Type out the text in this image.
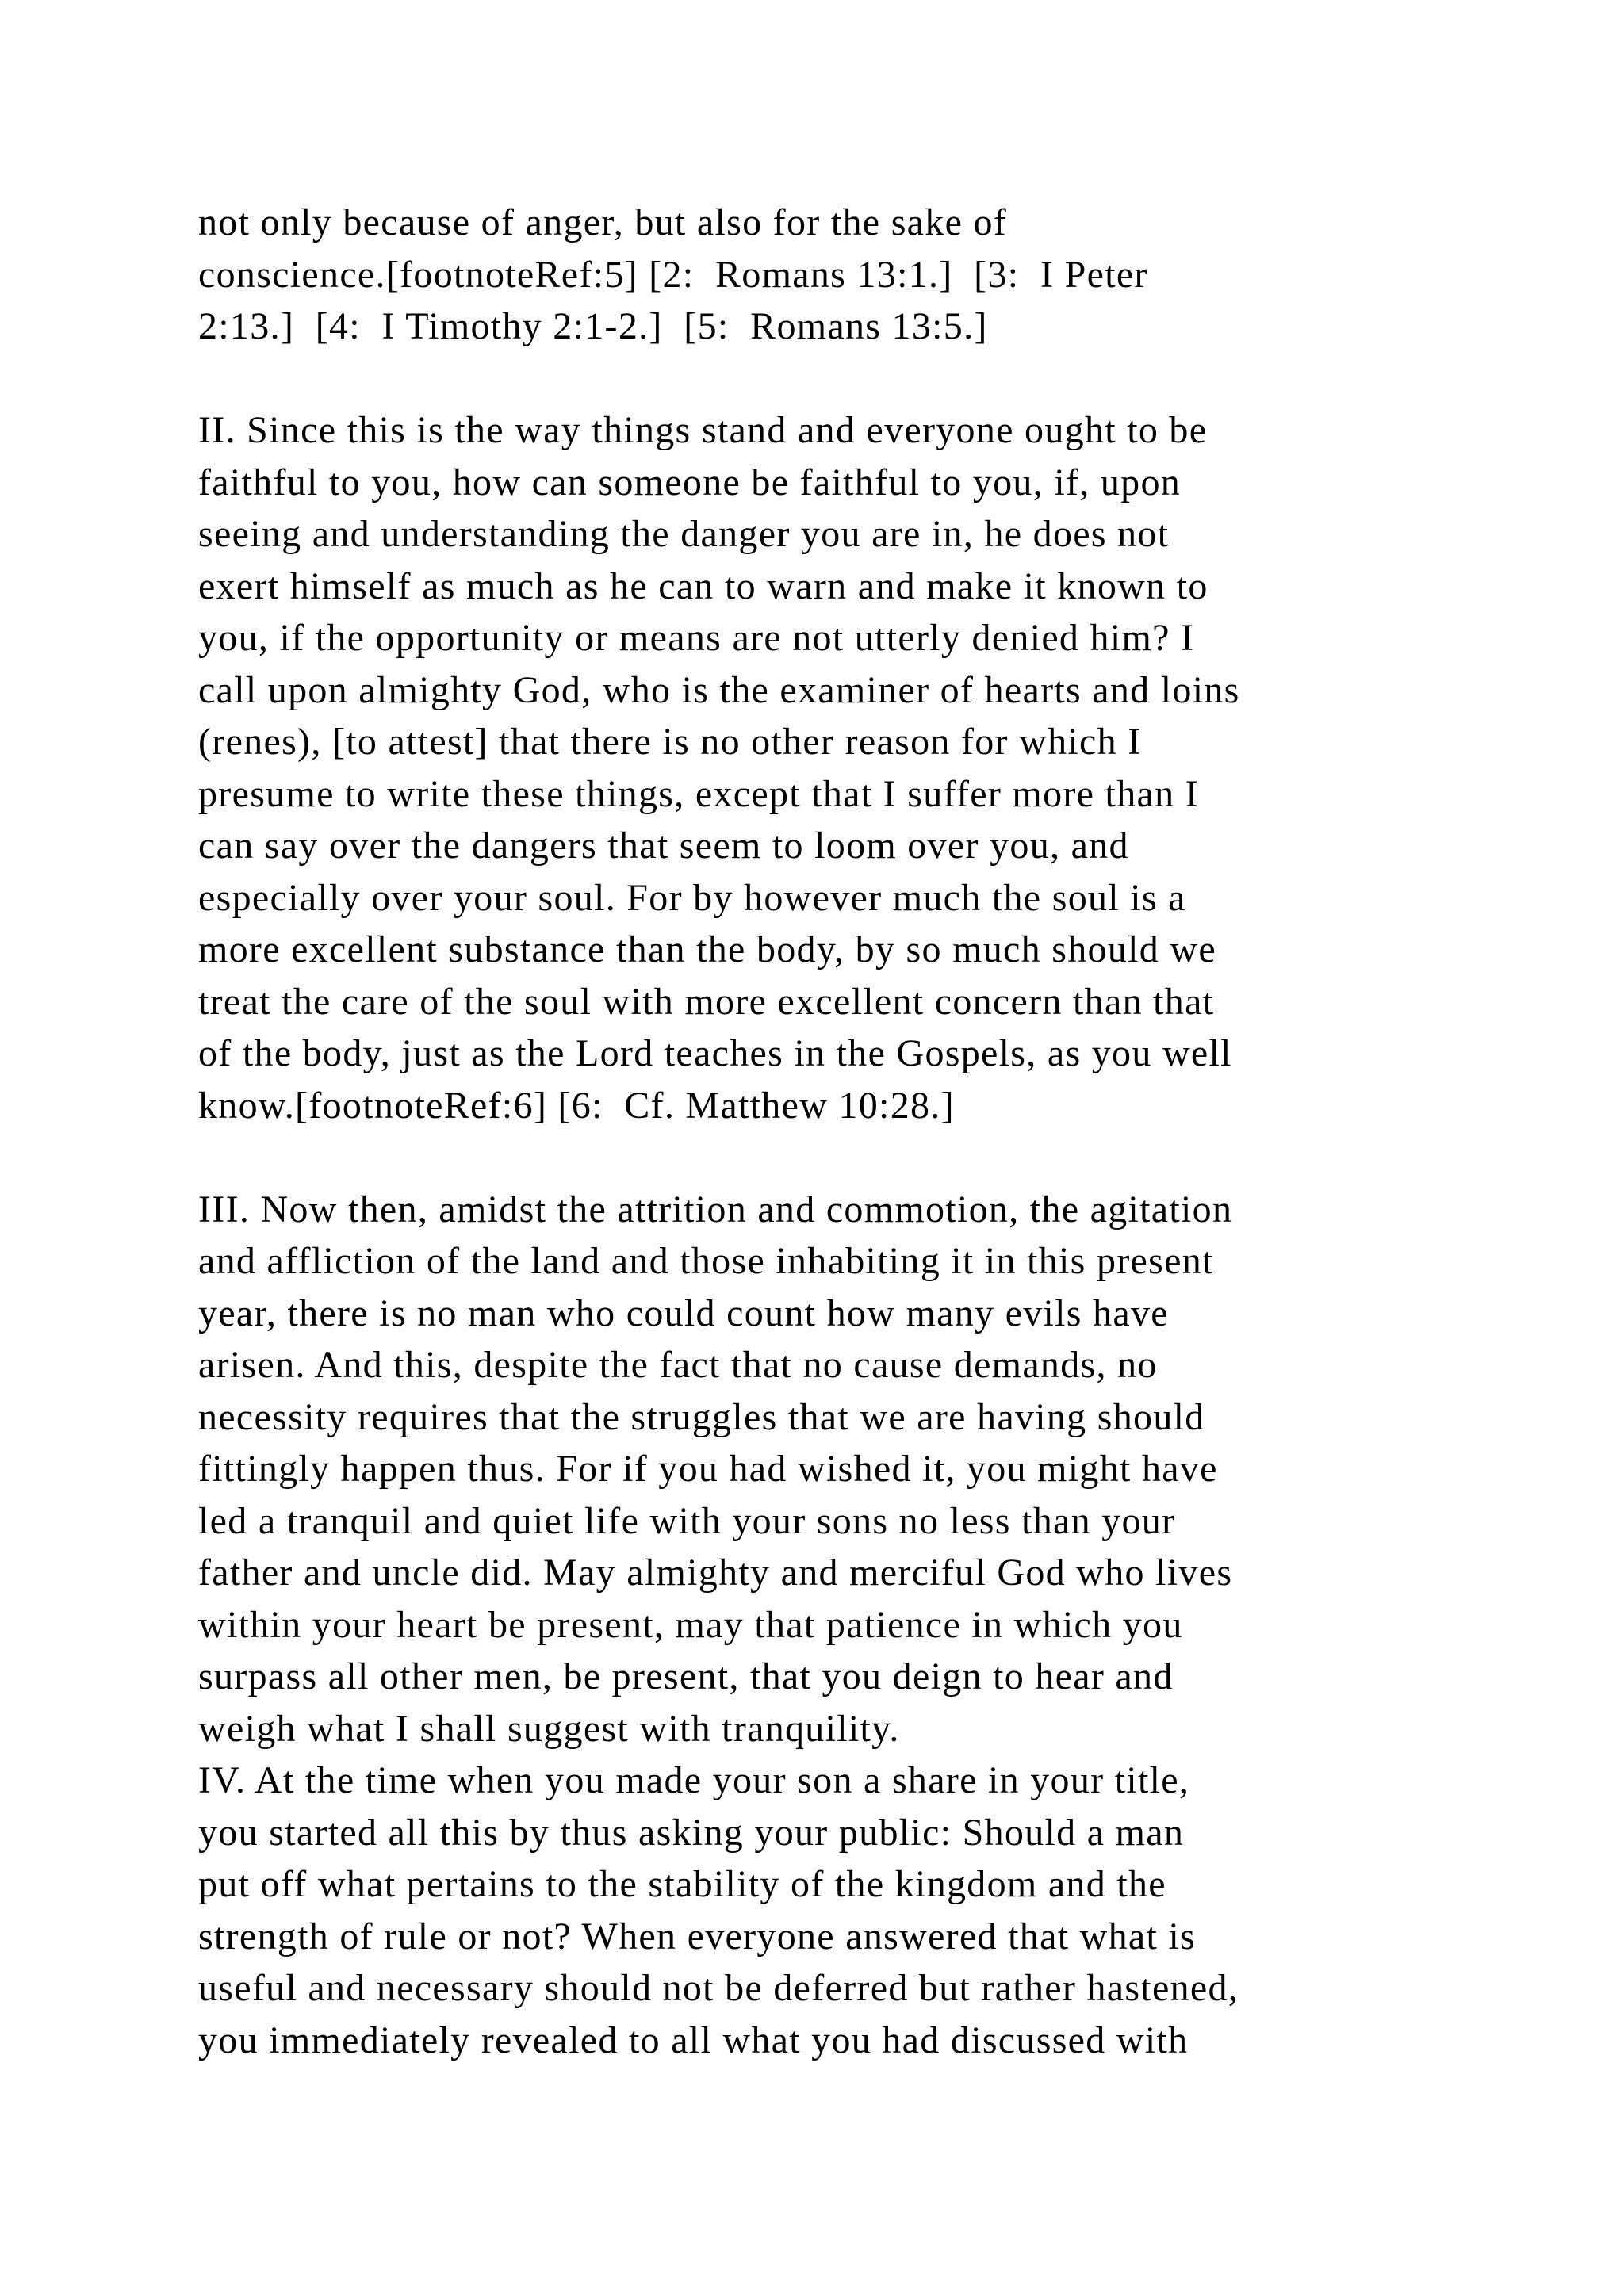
not only because of anger, but also for the sake of
conscience.[footnoteRef:5] [2:  Romans 13:1.]  [3:  I Peter
2:13.]  [4:  I Timothy 2:1-2.]  [5:  Romans 13:5.]
II. Since this is the way things stand and everyone ought to be
faithful to you, how can someone be faithful to you, if, upon
seeing and understanding the danger you are in, he does not
exert himself as much as he can to warn and make it known to
you, if the opportunity or means are not utterly denied him? I
call upon almighty God, who is the examiner of hearts and loins
(renes), [to attest] that there is no other reason for which I
presume to write these things, except that I suffer more than I
can say over the dangers that seem to loom over you, and
especially over your soul. For by however much the soul is a
more excellent substance than the body, by so much should we
treat the care of the soul with more excellent concern than that
of the body, just as the Lord teaches in the Gospels, as you well
know.[footnoteRef:6] [6:  Cf. Matthew 10:28.]
III. Now then, amidst the attrition and commotion, the agitation
and affliction of the land and those inhabiting it in this present
year, there is no man who could count how many evils have
arisen. And this, despite the fact that no cause demands, no
necessity requires that the struggles that we are having should
fittingly happen thus. For if you had wished it, you might have
led a tranquil and quiet life with your sons no less than your
father and uncle did. May almighty and merciful God who lives
within your heart be present, may that patience in which you
surpass all other men, be present, that you deign to hear and
weigh what I shall suggest with tranquility.
IV. At the time when you made your son a share in your title,
you started all this by thus asking your public: Should a man
put off what pertains to the stability of the kingdom and the
strength of rule or not? When everyone answered that what is
useful and necessary should not be deferred but rather hastened,
you immediately revealed to all what you had discussed with
